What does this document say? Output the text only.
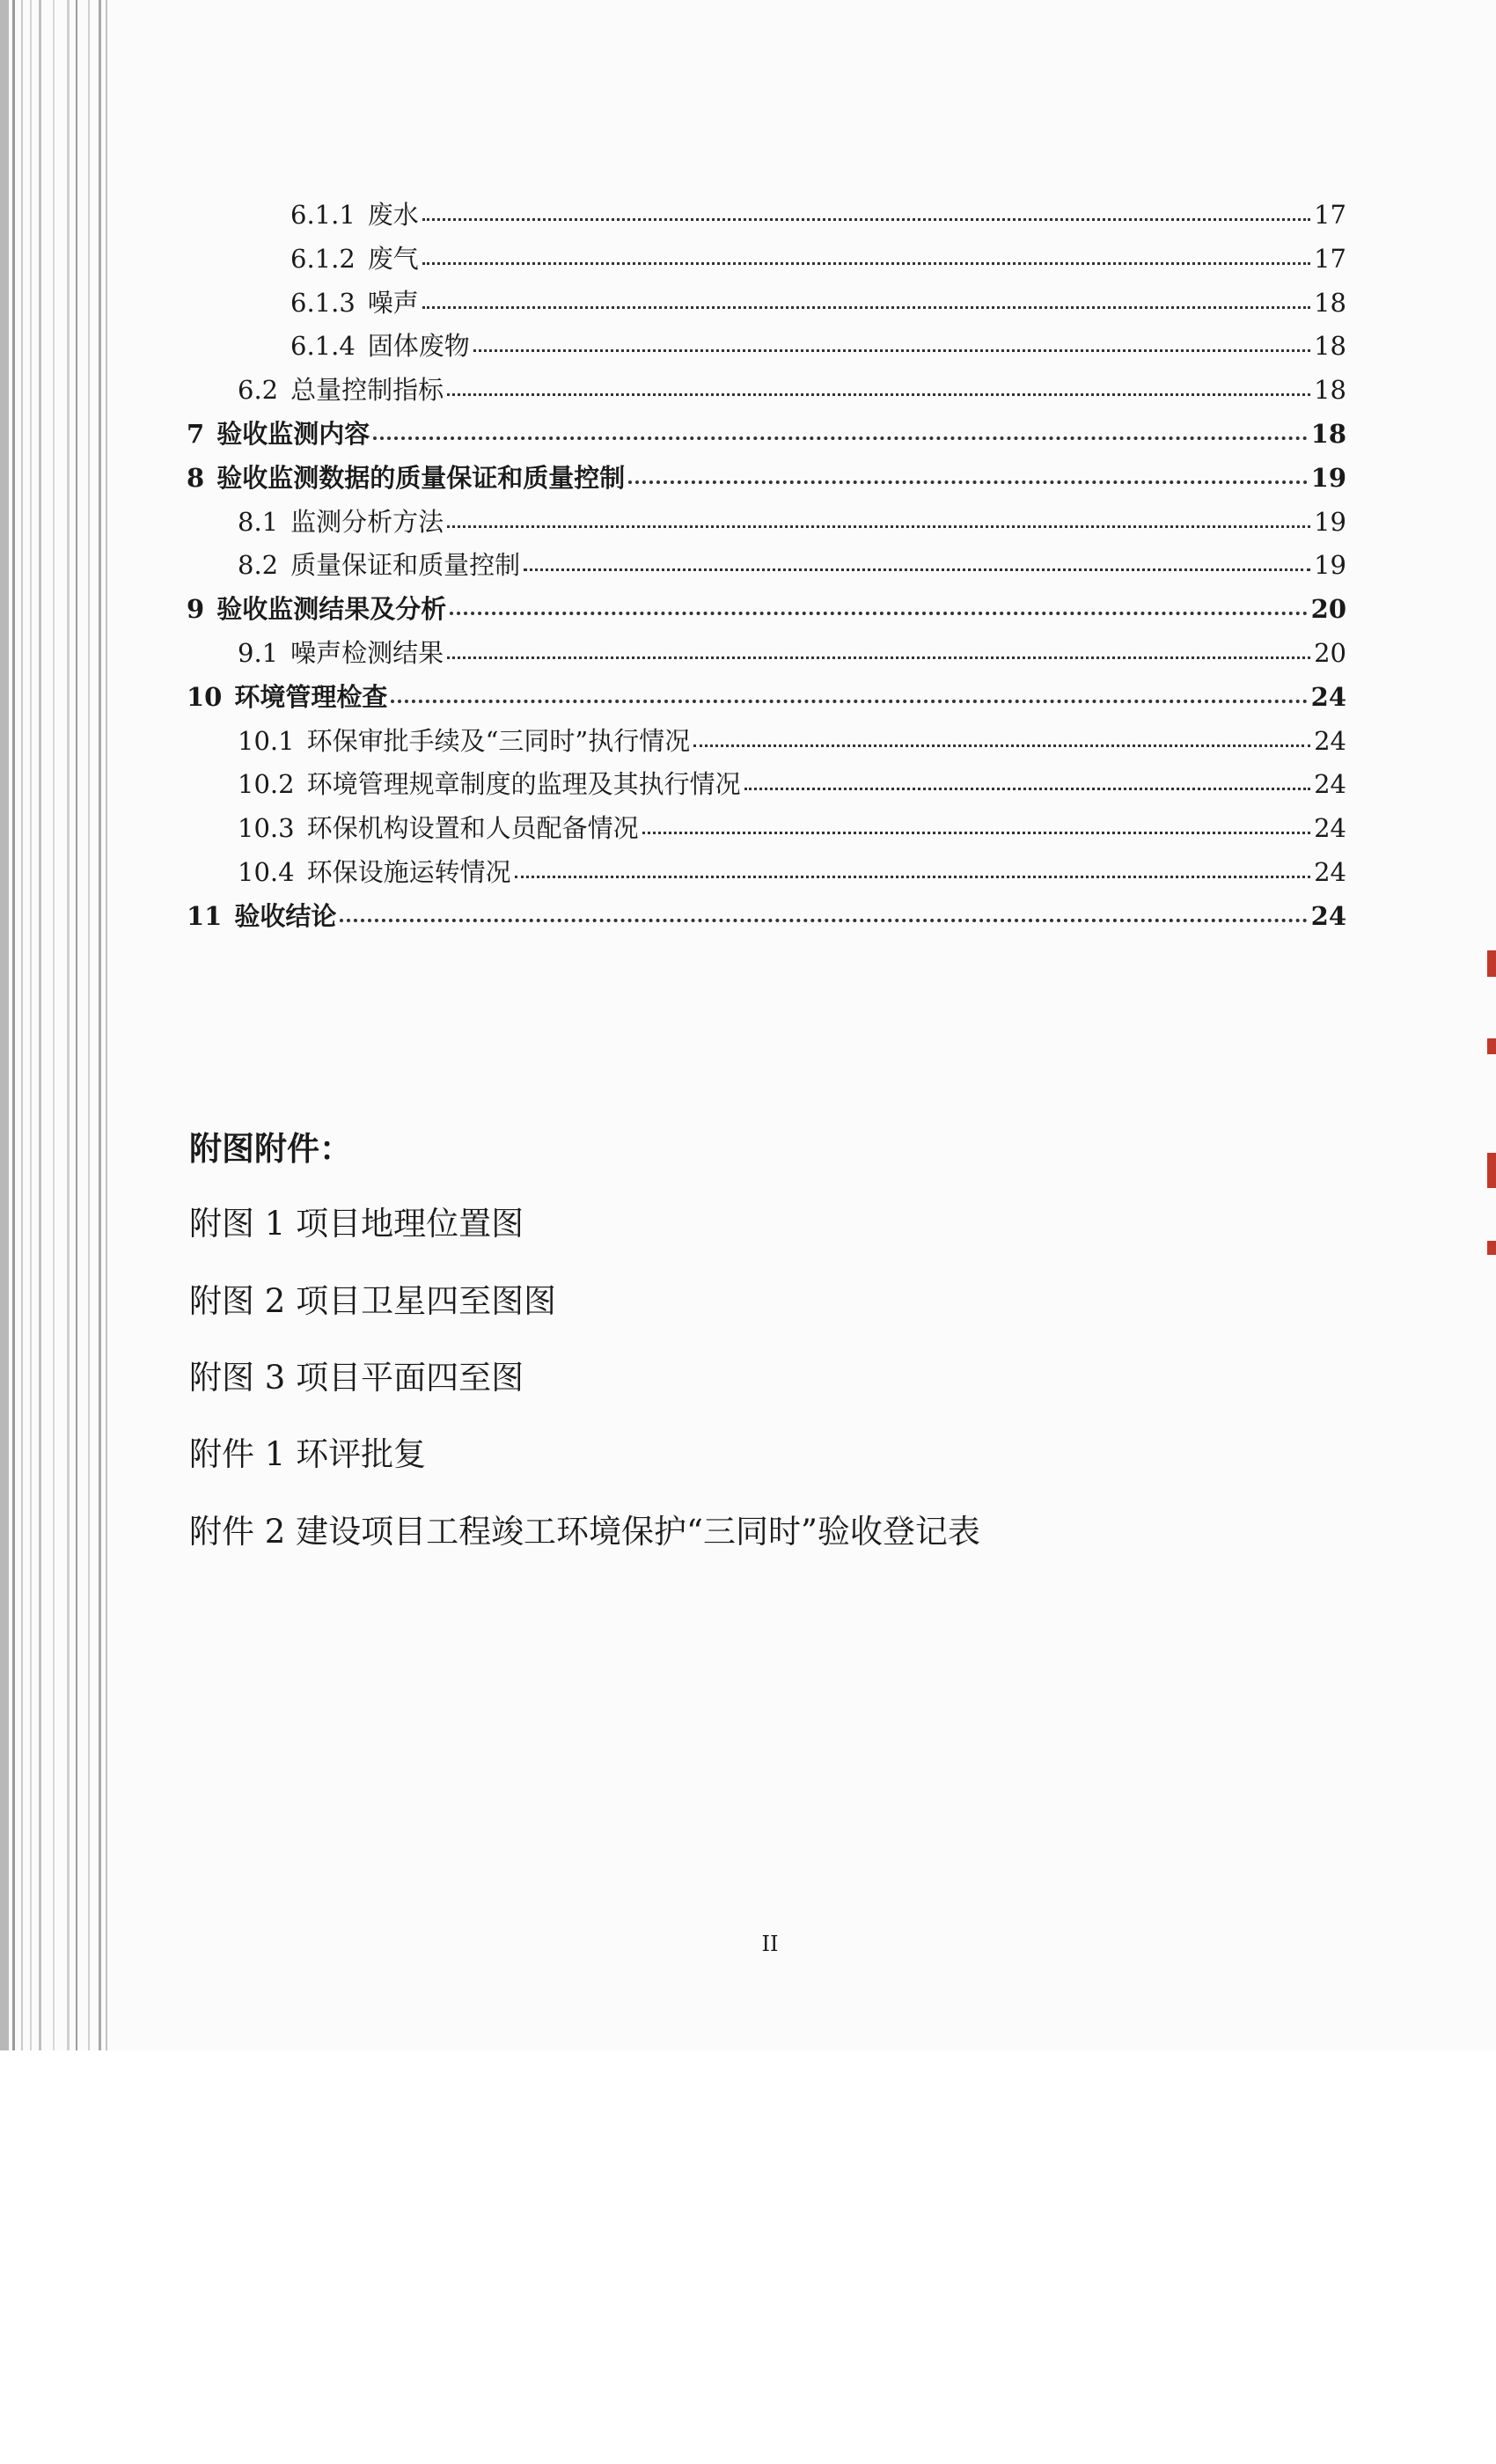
6.1.1 废水	17
6.1.2 废气	17
6.1.3 噪声	18
6.1.4 固体废物	18
6.2 总量控制指标	18
7 验收监测内容	18
8 验收监测数据的质量保证和质量控制	19
8.1 监测分析方法	19
8.2 质量保证和质量控制	19
9 验收监测结果及分析	20
9.1 噪声检测结果	20
10 环境管理检查	24
10.1 环保审批手续及“三同时”执行情况	24
10.2 环境管理规章制度的监理及其执行情况	24
10.3 环保机构设置和人员配备情况	24
10.4 环保设施运转情况	24
11 验收结论	24
附图附件：
附图 1 项目地理位置图
附图 2 项目卫星四至图图
附图 3 项目平面四至图
附件 1 环评批复
附件 2 建设项目工程竣工环境保护“三同时”验收登记表
II
